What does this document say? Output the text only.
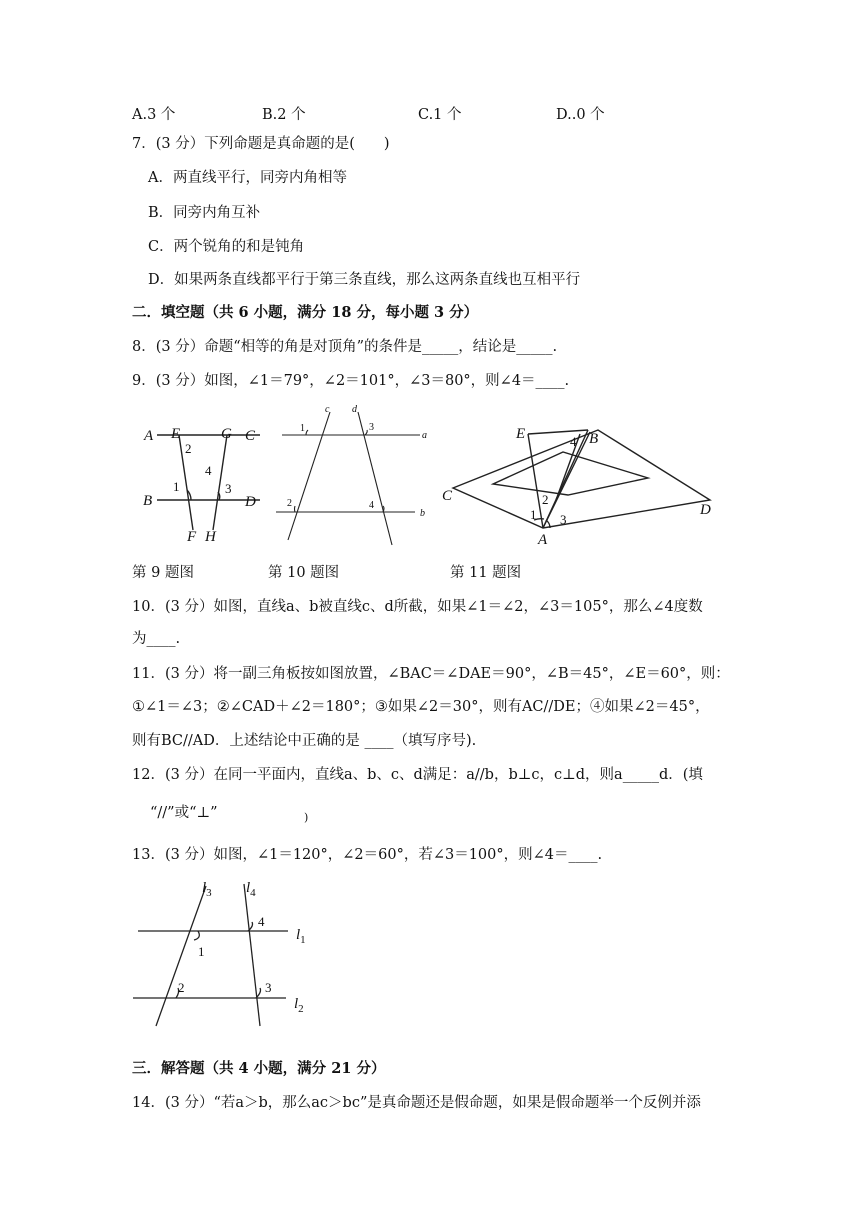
A.3 个	B.2 个	C.1 个	D..0 个
7．(3 分）下列命题是真命题的是(　　)
A．两直线平行，同旁内角相等
B．同旁内角互补
C．两个锐角的和是钝角
D．如果两条直线都平行于第三条直线，那么这两条直线也互相平行
二．填空题（共 6 小题，满分 18 分，每小题 3 分）
8．(3 分）命题“相等的角是对顶角”的条件是_____，结论是_____.
9．(3 分）如图，∠1＝79°，∠2＝101°，∠3＝80°，则∠4＝____.
E	G
2
4
A	C
1	3
B	D
F H
c d
1	3
a
2	4
b
E	4 B
C	2
1 3
A
D
第 9 题图	第 10 题图	第 11 题图
10．(3 分）如图，直线a、b被直线c、d所截，如果∠1＝∠2，∠3＝105°，那么∠4度数
为____.
11．(3 分）将一副三角板按如图放置，∠BAC＝∠DAE＝90°，∠B＝45°，∠E＝60°，则：
①∠1＝∠3；②∠CAD＋∠2＝180°；③如果∠2＝30°，则有AC//DE；④如果∠2＝45°，
则有BC//AD．上述结论中正确的是 ____（填写序号).
12．(3 分）在同一平面内，直线a、b、c、d满足：a//b，b⊥c，c⊥d，则a_____d．(填
“//”或“⊥”	)
13．(3 分）如图，∠1＝120°，∠2＝60°，若∠3＝100°，则∠4＝____.
$l_3$ $l_4$
4
$l_1$
1
2	3
$l_2$
三．解答题（共 4 小题，满分 21 分）
14．(3 分）“若a＞b，那么ac＞bc”是真命题还是假命题，如果是假命题举一个反例并添
